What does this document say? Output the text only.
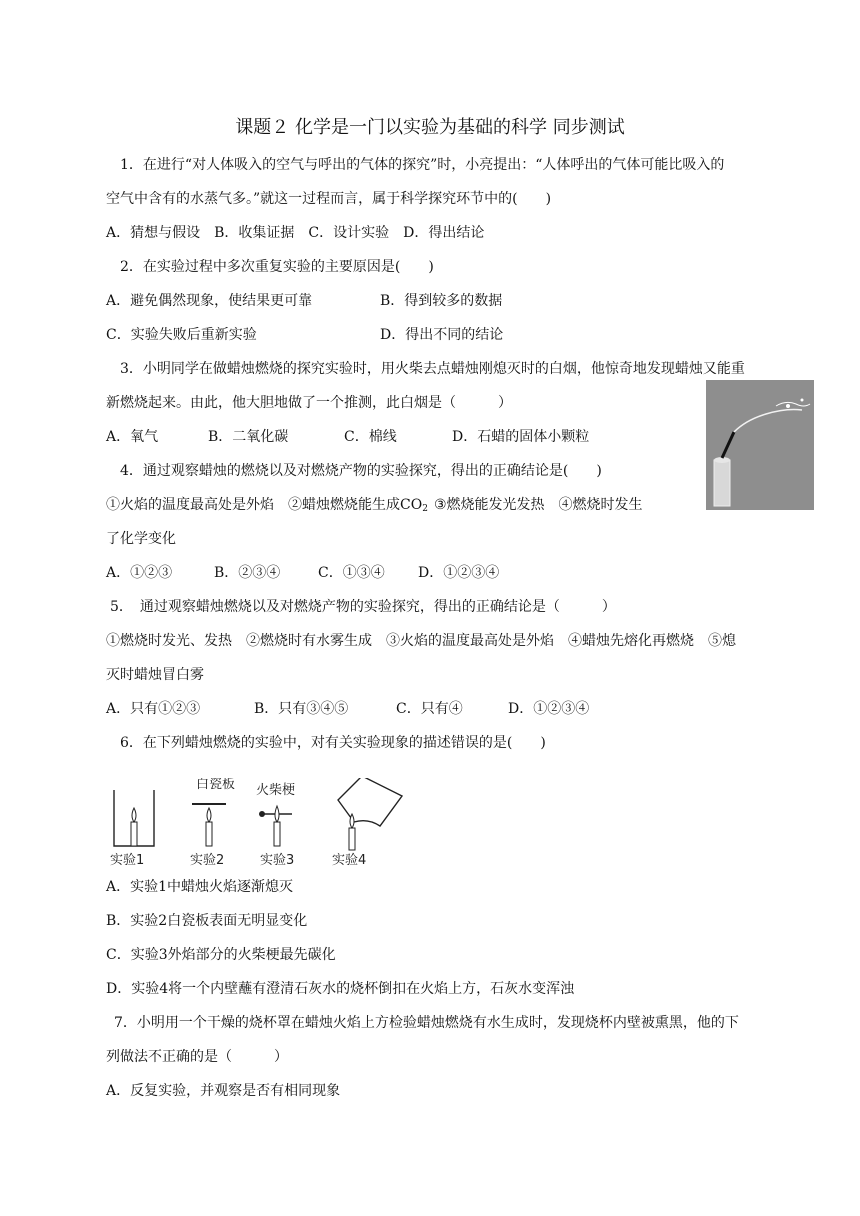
课题２ 化学是一门以实验为基础的科学 同步测试
1．在进行“对人体吸入的空气与呼出的气体的探究”时，小亮提出：“人体呼出的气体可能比吸入的
空气中含有的水蒸气多。”就这一过程而言，属于科学探究环节中的(　　)
A．猜想与假设　B．收集证据　C．设计实验　D．得出结论
2．在实验过程中多次重复实验的主要原因是(　　)
A．避免偶然现象，使结果更可靠	B．得到较多的数据
C．实验失败后重新实验	D．得出不同的结论
3．小明同学在做蜡烛燃烧的探究实验时，用火柴去点蜡烛刚熄灭时的白烟，他惊奇地发现蜡烛又能重
新燃烧起来。由此，他大胆地做了一个推测，此白烟是（　　　）
A．氧气	B．二氧化碳	C．棉线	D．石蜡的固体小颗粒
4．通过观察蜡烛的燃烧以及对燃烧产物的实验探究，得出的正确结论是(　　)
①火焰的温度最高处是外焰　②蜡烛燃烧能生成$CO_2$ ③燃烧能发光发热　④燃烧时发生
了化学变化
A．①②③	B．②③④	C．①③④ D．①②③④
5．　通过观察蜡烛燃烧以及对燃烧产物的实验探究，得出的正确结论是（　　　）
①燃烧时发光、发热　②燃烧时有水雾生成　③火焰的温度最高处是外焰　④蜡烛先熔化再燃烧　⑤熄
灭时蜡烛冒白雾
A．只有①②③	B．只有③④⑤	C．只有④	D．①②③④
6．在下列蜡烛燃烧的实验中，对有关实验现象的描述错误的是(　　)
白瓷板 火柴梗
实验1	实验2	实验3	实验4
A．实验1中蜡烛火焰逐渐熄灭
B．实验2白瓷板表面无明显变化
C．实验3外焰部分的火柴梗最先碳化
D．实验4将一个内壁蘸有澄清石灰水的烧杯倒扣在火焰上方，石灰水变浑浊
7．小明用一个干燥的烧杯罩在蜡烛火焰上方检验蜡烛燃烧有水生成时，发现烧杯内壁被熏黑，他的下
列做法不正确的是（　　　）
A．反复实验，并观察是否有相同现象
